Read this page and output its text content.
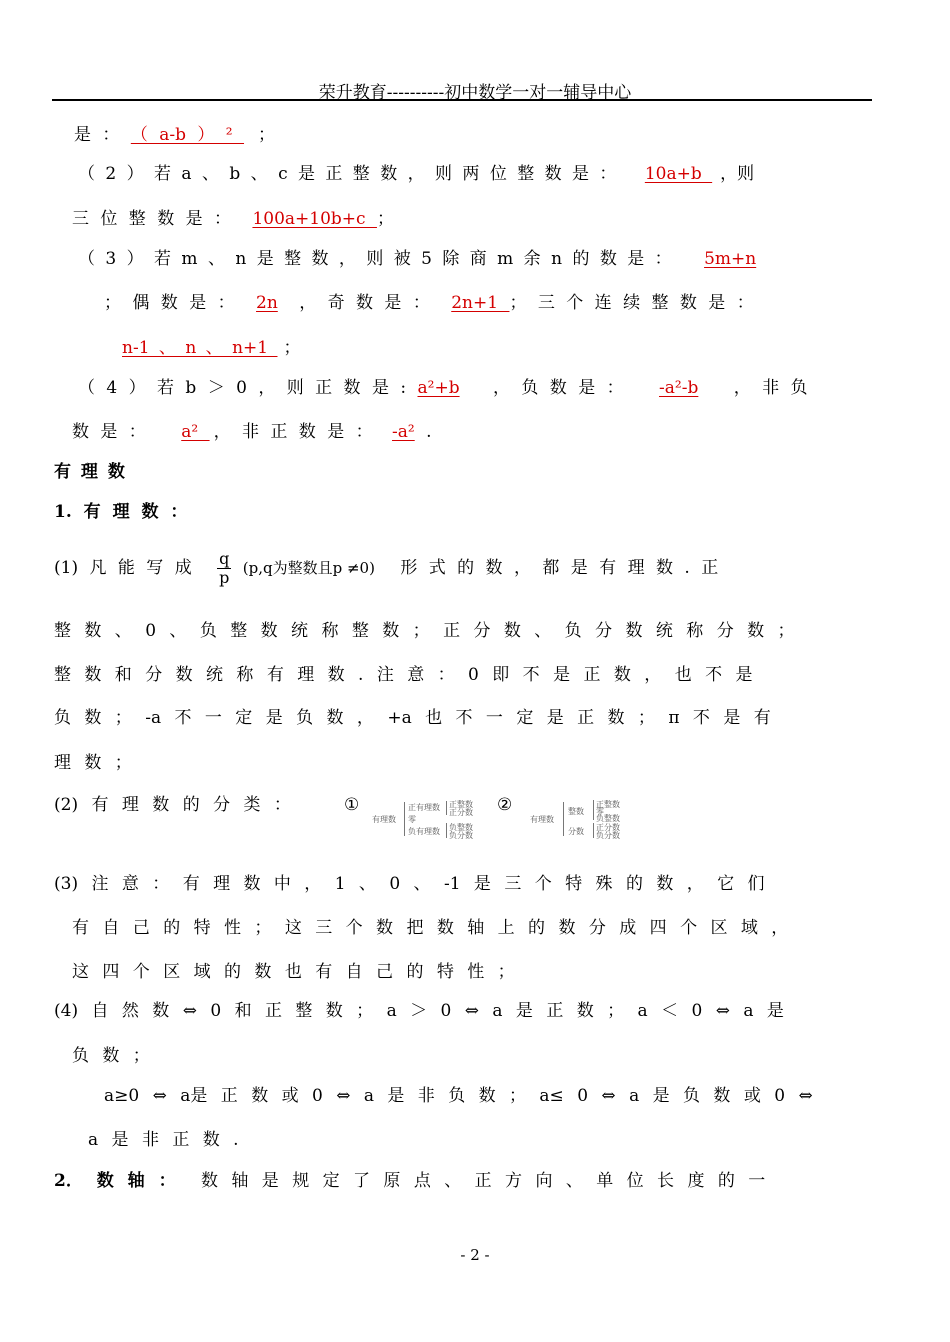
荣升教育----------初中数学一对一辅导中心
是 ： （ a-b ） ² ；
（ 2 ） 若 a 、 b 、 c 是 正 整 数 ， 则 两 位 整 数 是 ： 10a+b ，则
三 位 整 数 是 ： 100a+10b+c ；
（ 3 ） 若 m 、 n 是 整 数 ， 则 被 5 除 商 m 余 n 的 数 是 ： 5m+n
； 偶 数 是 ： 2n ， 奇 数 是 ： 2n+1 ； 三 个 连 续 整 数 是 ：
n-1 、 n 、 n+1 ；
（ 4 ） 若 b ＞ 0 ， 则 正 数 是 : a²+b ， 负 数 是 ： -a²-b ， 非 负
数 是 ： a² ， 非 正 数 是 ： -a² .
有 理 数
1. 有 理 数 ：
(1) 凡 能 写 成 $\frac{q}{p} (p,q$为整数且p ≠0) 形 式 的 数 ， 都 是 有 理 数 . 正
整 数 、 0 、 负 整 数 统 称 整 数 ； 正 分 数 、 负 分 数 统 称 分 数 ；
整 数 和 分 数 统 称 有 理 数 . 注 意 ： 0 即 不 是 正 数 ， 也 不 是
负 数 ； -a 不 一 定 是 负 数 ， +a 也 不 一 定 是 正 数 ； π 不 是 有
理 数 ；
(2) 有 理 数 的 分 类 ：	①	②
有理数
正有理数
零
负有理数
正整数
正分数
负整数
负分数
有理数
整数
分数
正整数
零
负整数
正分数
负分数
(3) 注 意 ： 有 理 数 中 ， 1 、 0 、 -1 是 三 个 特 殊 的 数 ， 它 们
有 自 己 的 特 性 ； 这 三 个 数 把 数 轴 上 的 数 分 成 四 个 区 域 ，
这 四 个 区 域 的 数 也 有 自 己 的 特 性 ；
(4) 自 然 数 ⇔ 0 和 正 整 数 ； a ＞ 0 ⇔ a 是 正 数 ； a ＜ 0 ⇔ a 是
负 数 ；
a≥0 ⇔ a是 正 数 或 0 ⇔ a 是 非 负 数 ； a≤ 0 ⇔ a 是 负 数 或 0 ⇔
a 是 非 正 数 .
2． 数 轴 ： 数 轴 是 规 定 了 原 点 、 正 方 向 、 单 位 长 度 的 一
- 2 -
